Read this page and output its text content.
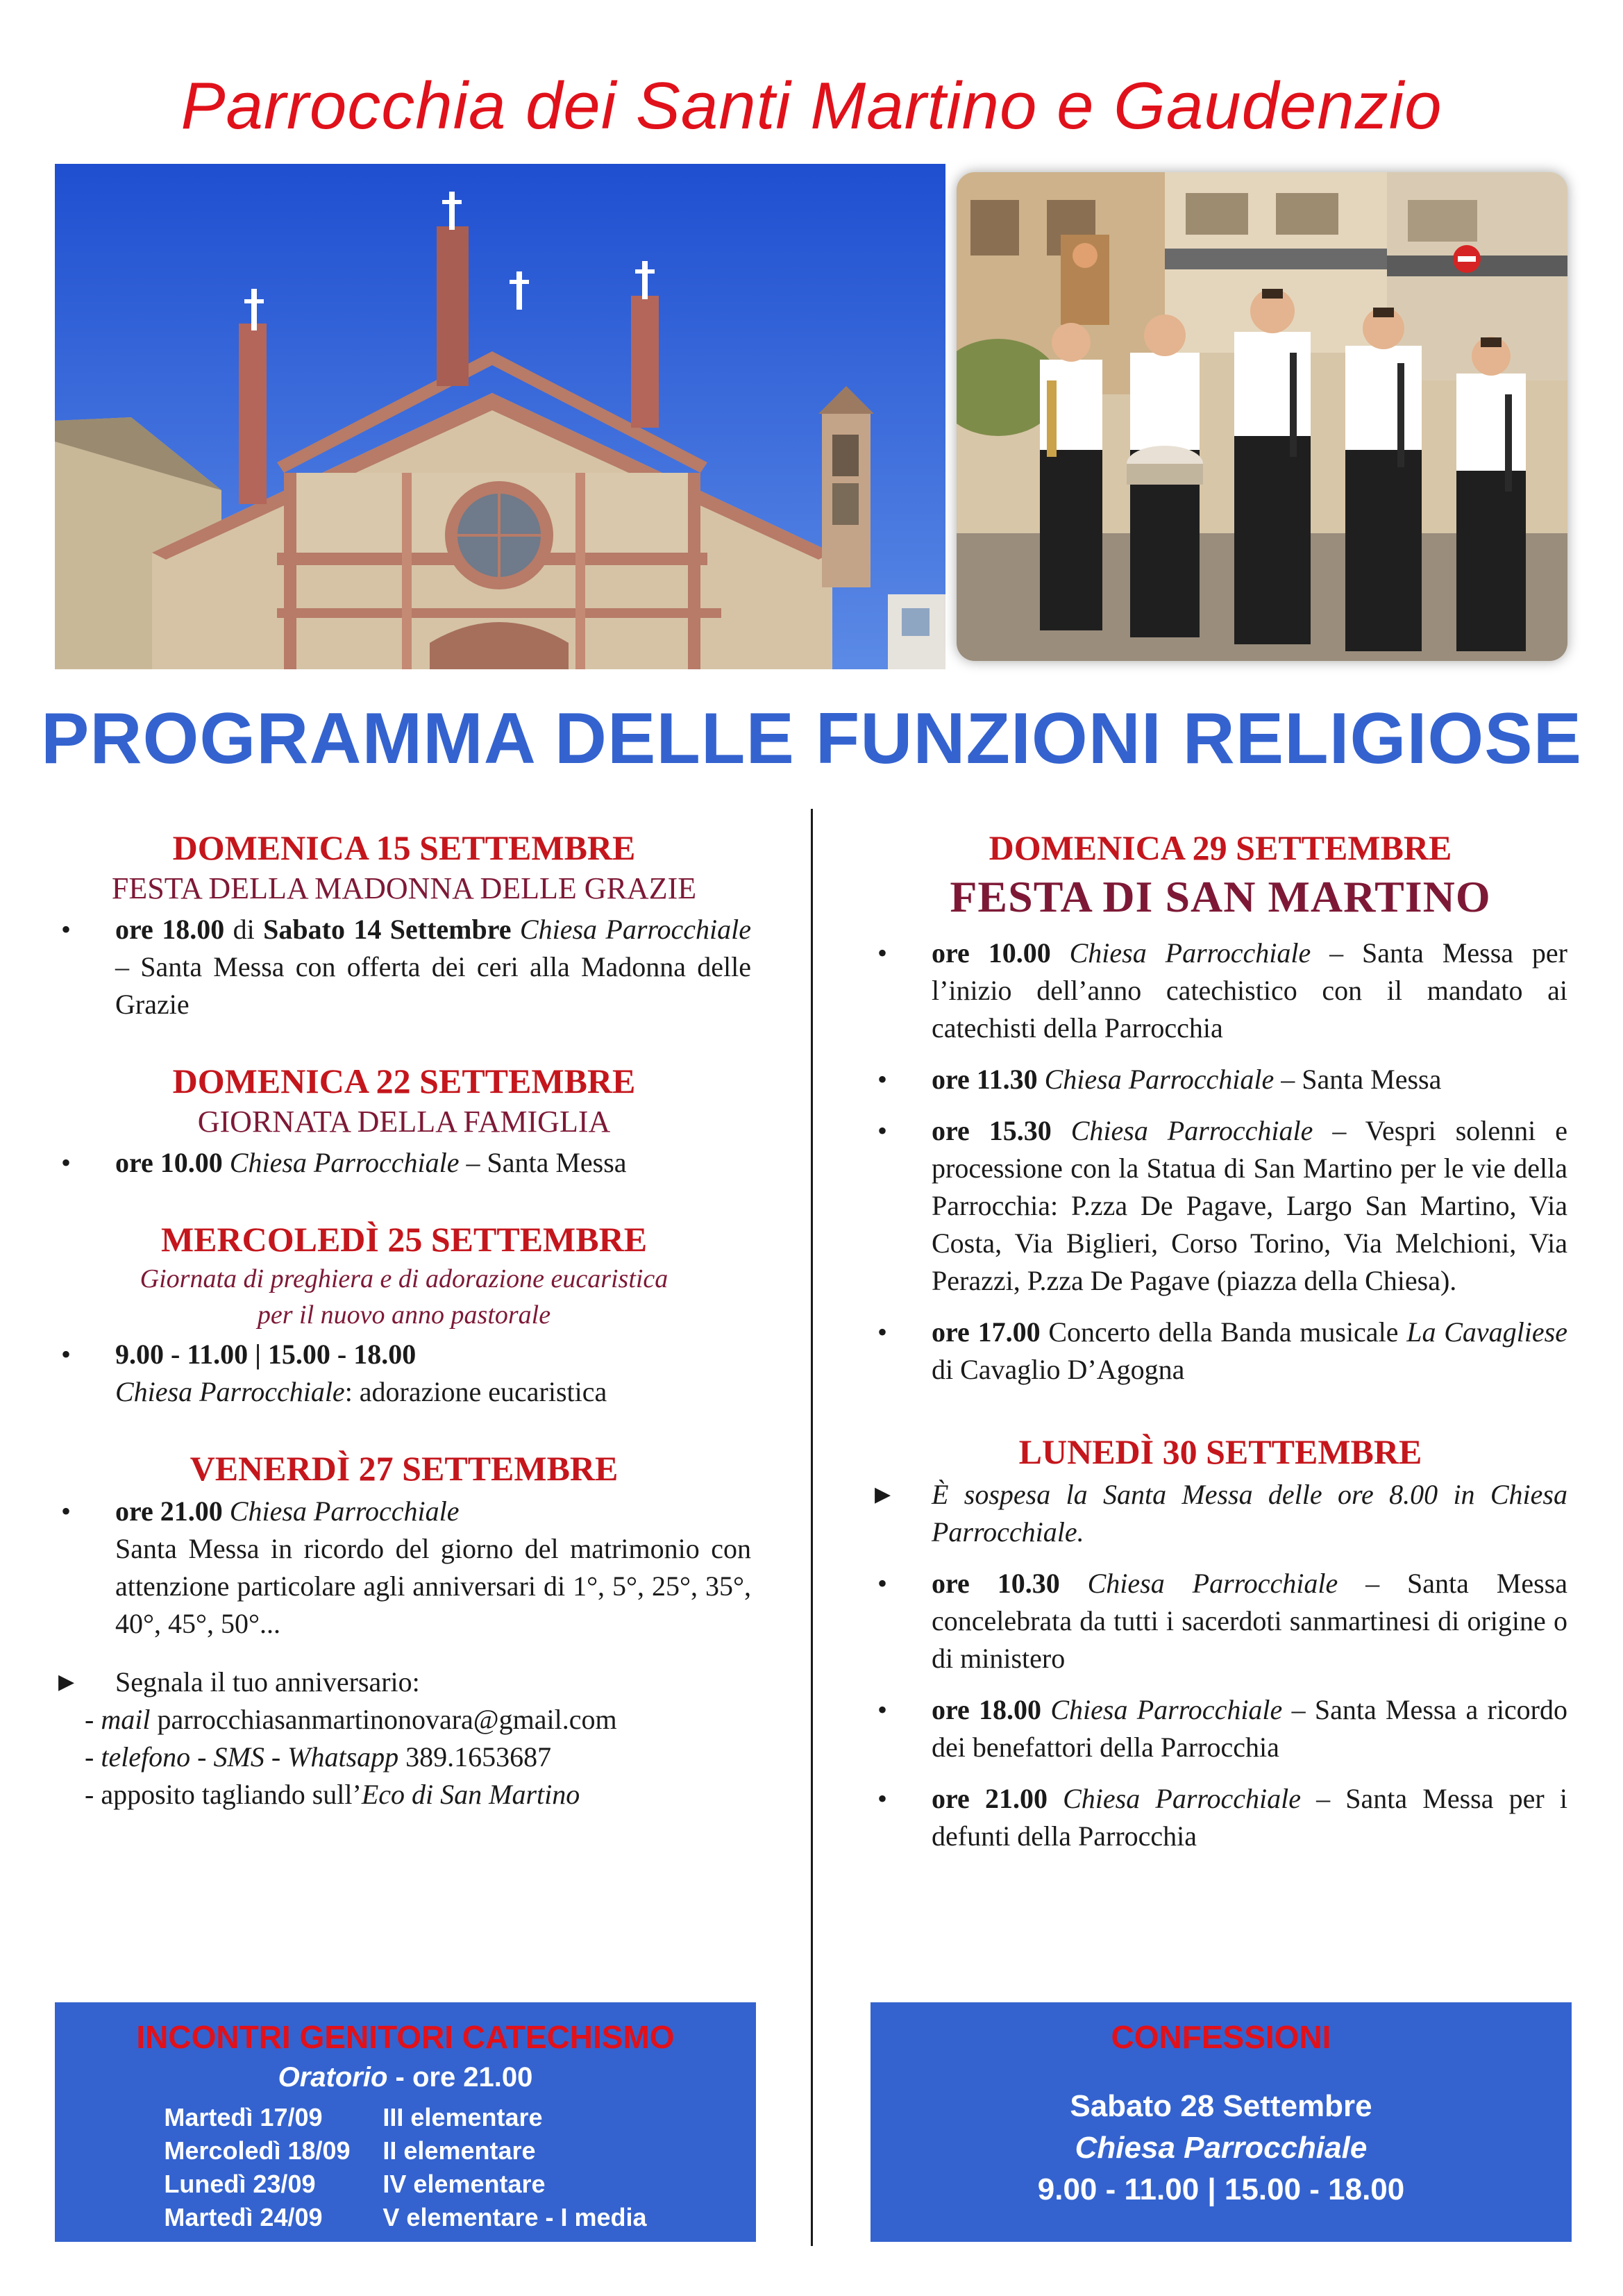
Parrocchia dei Santi Martino e Gaudenzio
PROGRAMMA DELLE FUNZIONI RELIGIOSE
DOMENICA 15 SETTEMBRE
FESTA DELLA MADONNA DELLE GRAZIE
• ore 18.00 di Sabato 14 Settembre Chiesa Parrocchiale – Santa Messa con offerta dei ceri alla Madonna delle Grazie
DOMENICA 22 SETTEMBRE
GIORNATA DELLA FAMIGLIA
• ore 10.00 Chiesa Parrocchiale – Santa Messa
MERCOLEDÌ 25 SETTEMBRE
Giornata di preghiera e di adorazione eucaristica
per il nuovo anno pastorale
• 9.00 - 11.00 | 15.00 - 18.00
Chiesa Parrocchiale: adorazione eucaristica
VENERDÌ 27 SETTEMBRE
• ore 21.00 Chiesa Parrocchiale
Santa Messa in ricordo del giorno del matrimonio con attenzione particolare agli anniversari di 1°, 5°, 25°, 35°, 40°, 45°, 50°...
▶ Segnala il tuo anniversario:
- mail parrocchiasanmartinonovara@gmail.com
- telefono - SMS - Whatsapp 389.1653687
- apposito tagliando sull’Eco di San Martino
DOMENICA 29 SETTEMBRE
FESTA DI SAN MARTINO
• ore 10.00 Chiesa Parrocchiale – Santa Messa per l’inizio dell’anno catechistico con il mandato ai catechisti della Parrocchia
• ore 11.30 Chiesa Parrocchiale – Santa Messa
• ore 15.30 Chiesa Parrocchiale – Vespri solenni e processione con la Statua di San Martino per le vie della Parrocchia: P.zza De Pagave, Largo San Martino, Via Costa, Via Biglieri, Corso Torino, Via Melchioni, Via Perazzi, P.zza De Pagave (piazza della Chiesa).
• ore 17.00 Concerto della Banda musicale La Cavagliese di Cavaglio D’Agogna
LUNEDÌ 30 SETTEMBRE
▶ È sospesa la Santa Messa delle ore 8.00 in Chiesa Parrocchiale.
• ore 10.30 Chiesa Parrocchiale – Santa Messa concelebrata da tutti i sacerdoti sanmartinesi di origine o di ministero
• ore 18.00 Chiesa Parrocchiale – Santa Messa a ricordo dei benefattori della Parrocchia
• ore 21.00 Chiesa Parrocchiale – Santa Messa per i defunti della Parrocchia
INCONTRI GENITORI CATECHISMO
Oratorio - ore 21.00
Martedì 17/09	III elementare
Mercoledì 18/09	II elementare
Lunedì 23/09	IV elementare
Martedì 24/09	V elementare - I media
CONFESSIONI
Sabato 28 Settembre
Chiesa Parrocchiale
9.00 - 11.00 | 15.00 - 18.00
